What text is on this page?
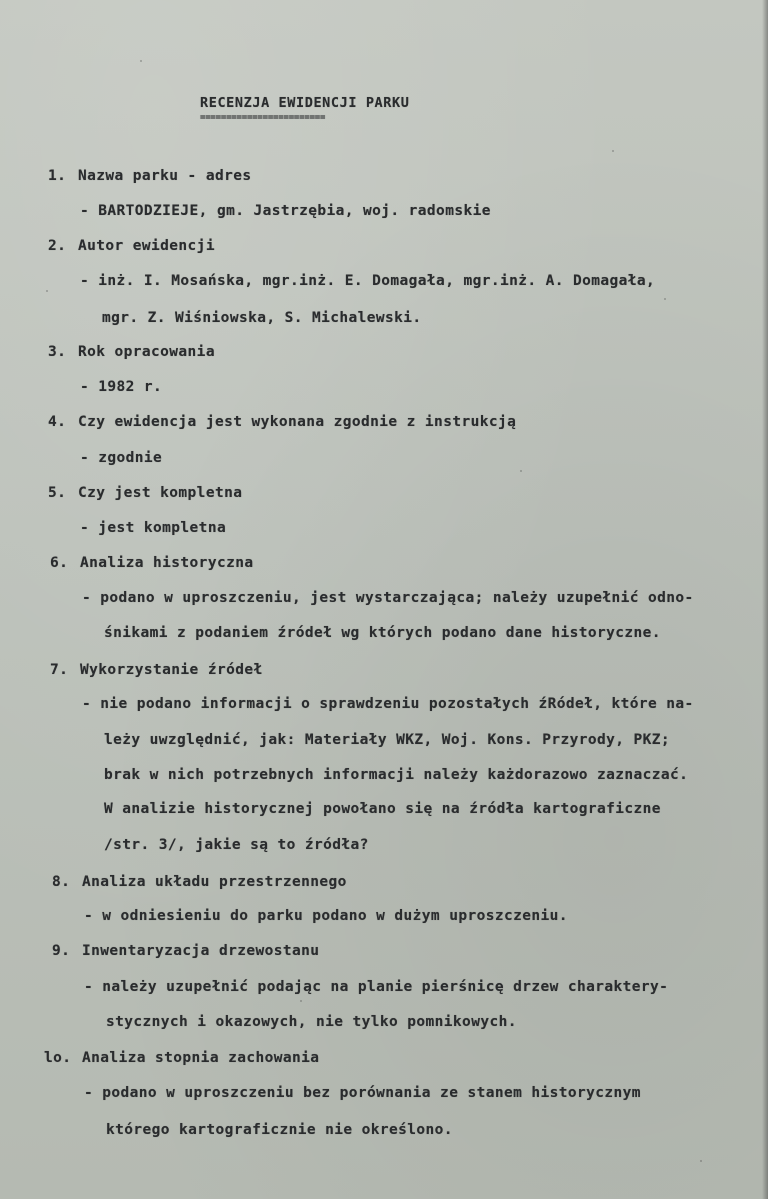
RECENZJA EWIDENCJI PARKU
========================
1. Nazwa parku - adres
- BARTODZIEJE, gm. Jastrzębia, woj. radomskie
2. Autor ewidencji
- inż. I. Mosańska, mgr.inż. E. Domagała, mgr.inż. A. Domagała,
mgr. Z. Wiśniowska, S. Michalewski.
3. Rok opracowania
- 1982 r.
4. Czy ewidencja jest wykonana zgodnie z instrukcją
- zgodnie
5. Czy jest kompletna
- jest kompletna
6. Analiza historyczna
- podano w uproszczeniu, jest wystarczająca; należy uzupełnić odno-
śnikami z podaniem źródeł wg których podano dane historyczne.
7. Wykorzystanie źródeł
- nie podano informacji o sprawdzeniu pozostałych źRódeł, które na-
leży uwzględnić, jak: Materiały WKZ, Woj. Kons. Przyrody, PKZ;
brak w nich potrzebnych informacji należy każdorazowo zaznaczać.
W analizie historycznej powołano się na źródła kartograficzne
/str. 3/, jakie są to źródła?
8. Analiza układu przestrzennego
- w odniesieniu do parku podano w dużym uproszczeniu.
9. Inwentaryzacja drzewostanu
- należy uzupełnić podając na planie pierśnicę drzew charaktery-
stycznych i okazowych, nie tylko pomnikowych.
lo. Analiza stopnia zachowania
- podano w uproszczeniu bez porównania ze stanem historycznym
którego kartograficznie nie określono.
